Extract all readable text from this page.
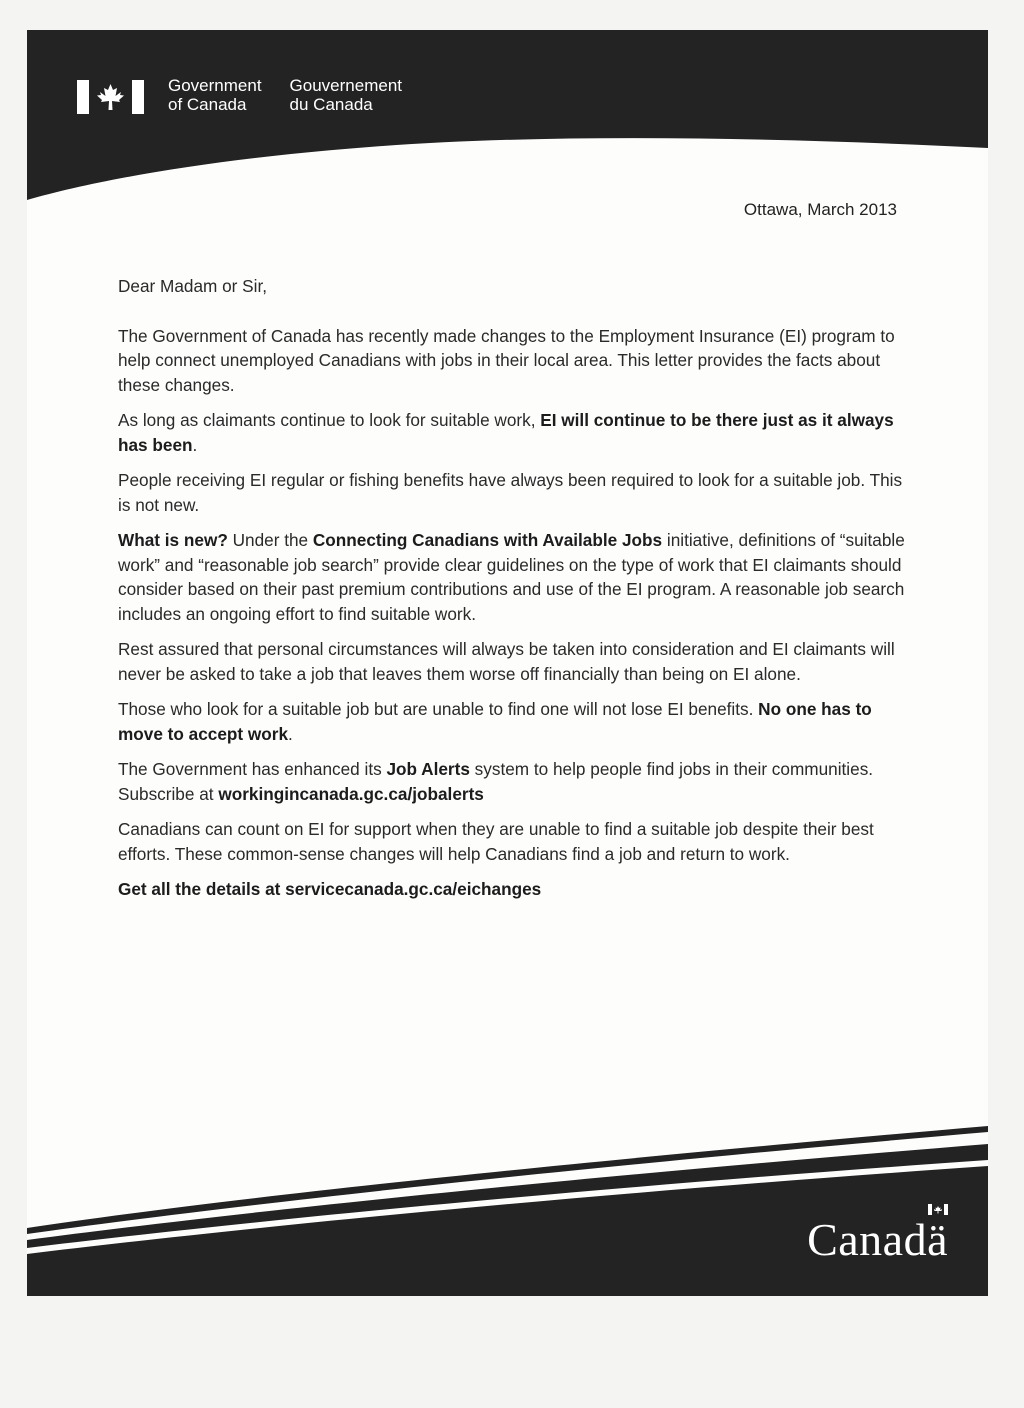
Government
of Canada
Gouvernement
du Canada
Ottawa, March 2013

Dear Madam or Sir,

The Government of Canada has recently made changes to the Employment Insurance (EI) program to help connect unemployed Canadians with jobs in their local area. This letter provides the facts about these changes.

As long as claimants continue to look for suitable work, EI will continue to be there just as it always has been.

People receiving EI regular or fishing benefits have always been required to look for a suitable job. This is not new.

What is new? Under the Connecting Canadians with Available Jobs initiative, definitions of “suitable work” and “reasonable job search” provide clear guidelines on the type of work that EI claimants should consider based on their past premium contributions and use of the EI program. A reasonable job search includes an ongoing effort to find suitable work.

Rest assured that personal circumstances will always be taken into consideration and EI claimants will never be asked to take a job that leaves them worse off financially than being on EI alone.

Those who look for a suitable job but are unable to find one will not lose EI benefits. No one has to move to accept work.

The Government has enhanced its Job Alerts system to help people find jobs in their communities. Subscribe at workingincanada.gc.ca/jobalerts

Canadians can count on EI for support when they are unable to find a suitable job despite their best efforts. These common-sense changes will help Canadians find a job and return to work.

Get all the details at servicecanada.gc.ca/eichanges

Canadä
